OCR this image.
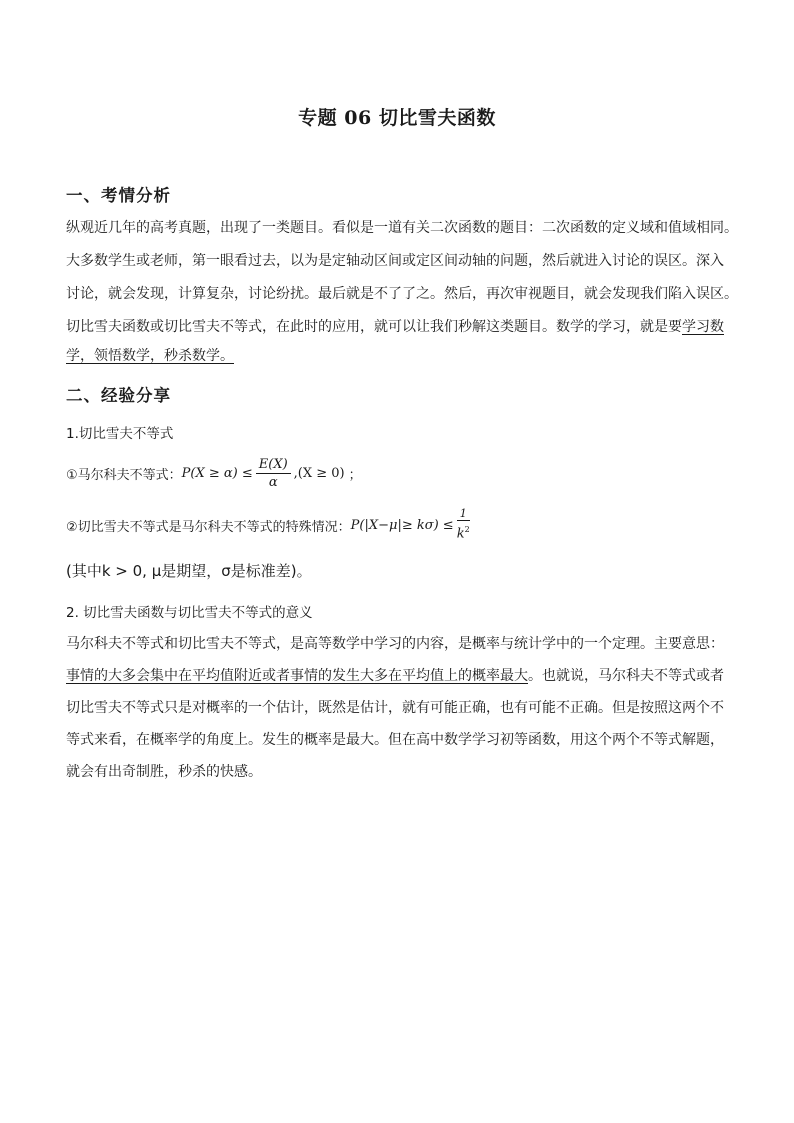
专题 06 切比雪夫函数
一、考情分析
纵观近几年的高考真题，出现了一类题目。看似是一道有关二次函数的题目：二次函数的定义域和值域相同。
大多数学生或老师，第一眼看过去，以为是定轴动区间或定区间动轴的问题，然后就进入讨论的误区。深入
讨论，就会发现，计算复杂，讨论纷扰。最后就是不了了之。然后，再次审视题目，就会发现我们陷入误区。
切比雪夫函数或切比雪夫不等式，在此时的应用，就可以让我们秒解这类题目。数学的学习，就是要学习数
学，领悟数学，秒杀数学。
二、经验分享
1.切比雪夫不等式
①马尔科夫不等式： $P(X \ge \alpha) \le \frac{E(X)}{\alpha} ,(X \ge 0)$ ；
②切比雪夫不等式是马尔科夫不等式的特殊情况： $P(|X-\mu|\ge k\sigma) \le \frac{1}{k^2}$
(其中k > 0, μ是期望，σ是标准差)。
2. 切比雪夫函数与切比雪夫不等式的意义
马尔科夫不等式和切比雪夫不等式，是高等数学中学习的内容，是概率与统计学中的一个定理。主要意思：
事情的大多会集中在平均值附近或者事情的发生大多在平均值上的概率最大。也就说，马尔科夫不等式或者
切比雪夫不等式只是对概率的一个估计，既然是估计，就有可能正确，也有可能不正确。但是按照这两个不
等式来看，在概率学的角度上。发生的概率是最大。但在高中数学学习初等函数，用这个两个不等式解题，
就会有出奇制胜，秒杀的快感。
